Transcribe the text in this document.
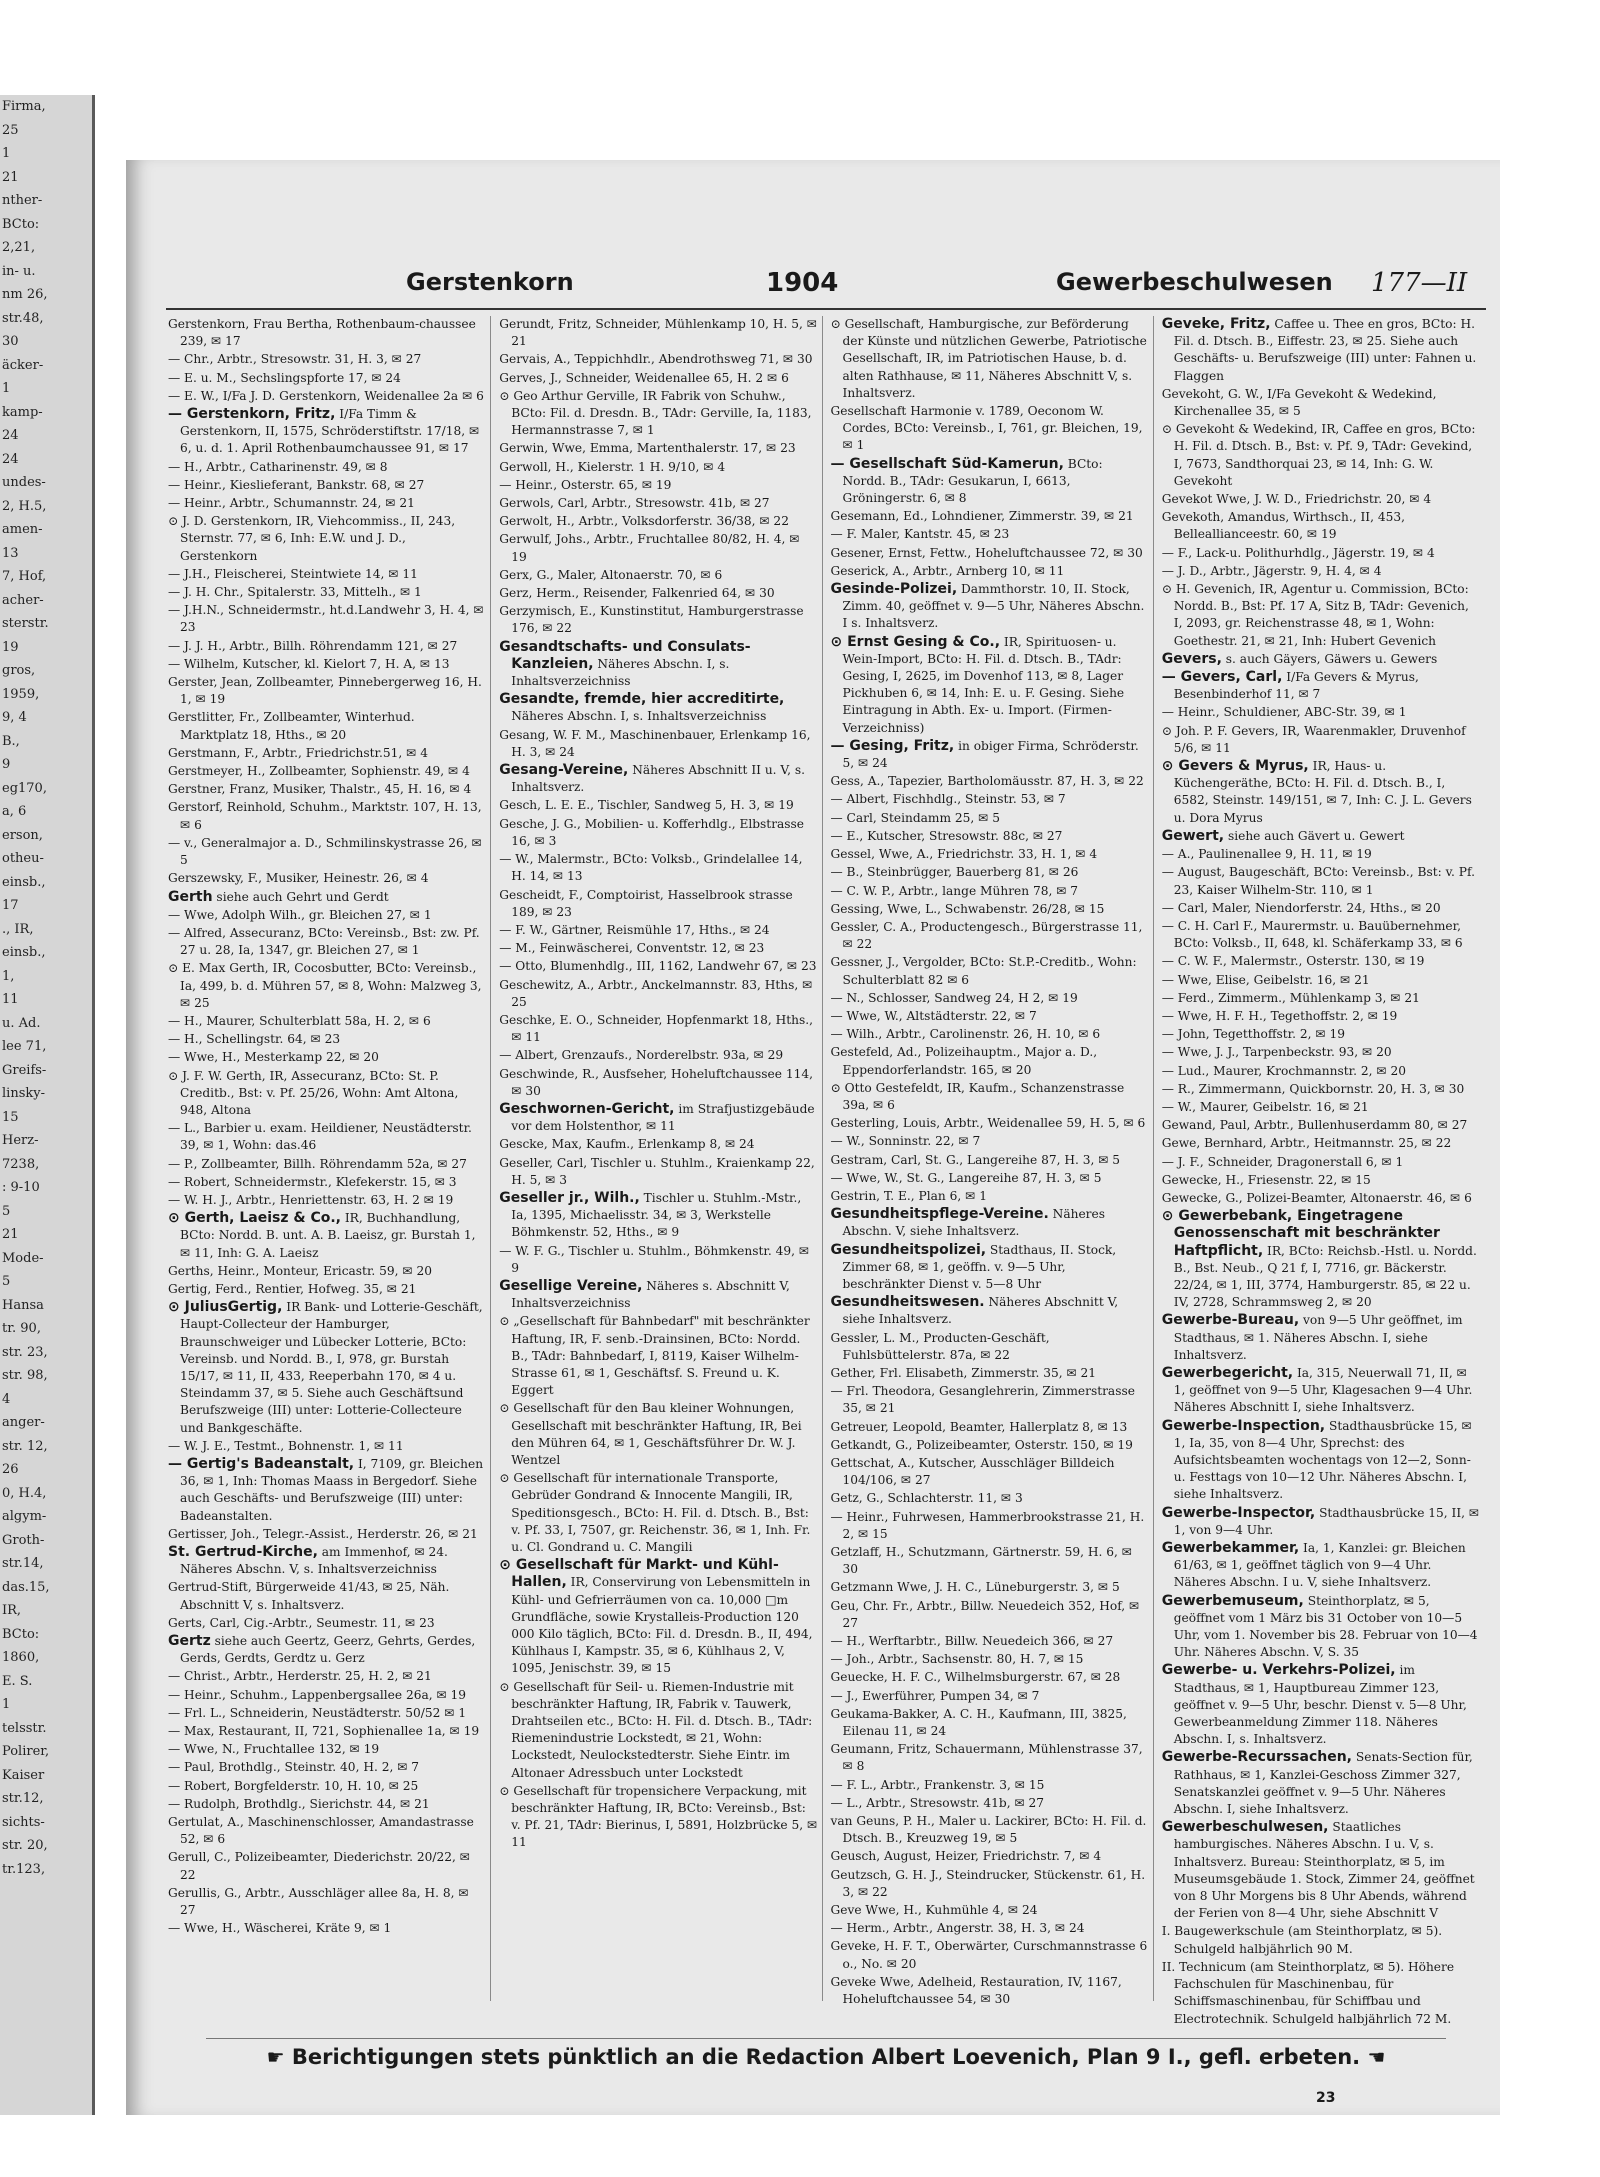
Firma,
25
1
21
nther-
BCto:
2,21,
in- u.
nm 26,
str.48,
30
äcker-
1
kamp-
24
24
undes-
2, H.5,
amen-
13
7, Hof,
acher-
sterstr.
19
gros,
1959,
9, 4
B.,
9
eg170,
a, 6
erson,
otheu-
einsb.,
17
., IR,
einsb.,
1,
11
u. Ad.
lee 71,
Greifs-
linsky-
15
Herz-
7238,
: 9-10
5
21
Mode-
5
Hansa
tr. 90,
str. 23,
str. 98,
4
anger-
str. 12,
26
0, H.4,
algym-
Groth-
str.14,
das.15,
IR,
BCto:
1860,
E. S.
1
telsstr.
Polirer,
Kaiser
str.12,
sichts-
str. 20,
tr.123,
Gerstenkorn	1904	Gewerbeschulwesen 177—II
Gerstenkorn, Frau Bertha, Rothenbaum-chaussee 239, ✉ 17
— Chr., Arbtr., Stresowstr. 31, H. 3, ✉ 27
— E. u. M., Sechslingspforte 17, ✉ 24
— E. W., I/Fa J. D. Gerstenkorn, Weidenallee 2a ✉ 6
— Gerstenkorn, Fritz, I/Fa Timm & Gerstenkorn, II, 1575, Schröderstiftstr. 17/18, ✉ 6, u. d. 1. April Rothenbaumchaussee 91, ✉ 17
— H., Arbtr., Catharinenstr. 49, ✉ 8
— Heinr., Kieslieferant, Bankstr. 68, ✉ 27
— Heinr., Arbtr., Schumannstr. 24, ✉ 21
⊙ J. D. Gerstenkorn, IR, Viehcommiss., II, 243, Sternstr. 77, ✉ 6, Inh: E.W. und J. D., Gerstenkorn
— J.H., Fleischerei, Steintwiete 14, ✉ 11
— J. H. Chr., Spitalerstr. 33, Mittelh., ✉ 1
— J.H.N., Schneidermstr., ht.d.Landwehr 3, H. 4, ✉ 23
— J. J. H., Arbtr., Billh. Röhrendamm 121, ✉ 27
— Wilhelm, Kutscher, kl. Kielort 7, H. A, ✉ 13
Gerster, Jean, Zollbeamter, Pinnebergerweg 16, H. 1, ✉ 19
Gerstlitter, Fr., Zollbeamter, Winterhud. Marktplatz 18, Hths., ✉ 20
Gerstmann, F., Arbtr., Friedrichstr.51, ✉ 4
Gerstmeyer, H., Zollbeamter, Sophienstr. 49, ✉ 4
Gerstner, Franz, Musiker, Thalstr., 45, H. 16, ✉ 4
Gerstorf, Reinhold, Schuhm., Marktstr. 107, H. 13, ✉ 6
— v., Generalmajor a. D., Schmilinskystrasse 26, ✉ 5
Gerszewsky, F., Musiker, Heinestr. 26, ✉ 4
Gerth siehe auch Gehrt und Gerdt
— Wwe, Adolph Wilh., gr. Bleichen 27, ✉ 1
— Alfred, Assecuranz, BCto: Vereinsb., Bst: zw. Pf. 27 u. 28, Ia, 1347, gr. Bleichen 27, ✉ 1
⊙ E. Max Gerth, IR, Cocosbutter, BCto: Vereinsb., Ia, 499, b. d. Mühren 57, ✉ 8, Wohn: Malzweg 3, ✉ 25
— H., Maurer, Schulterblatt 58a, H. 2, ✉ 6
— H., Schellingstr. 64, ✉ 23
— Wwe, H., Mesterkamp 22, ✉ 20
⊙ J. F. W. Gerth, IR, Assecuranz, BCto: St. P. Creditb., Bst: v. Pf. 25/26, Wohn: Amt Altona, 948, Altona
— L., Barbier u. exam. Heildiener, Neustädterstr. 39, ✉ 1, Wohn: das.46
— P., Zollbeamter, Billh. Röhrendamm 52a, ✉ 27
— Robert, Schneidermstr., Klefekerstr. 15, ✉ 3
— W. H. J., Arbtr., Henriettenstr. 63, H. 2 ✉ 19
⊙ Gerth, Laeisz & Co., IR, Buchhandlung, BCto: Nordd. B. unt. A. B. Laeisz, gr. Burstah 1, ✉ 11, Inh: G. A. Laeisz
Gerths, Heinr., Monteur, Ericastr. 59, ✉ 20
Gertig, Ferd., Rentier, Hofweg. 35, ✉ 21
⊙ JuliusGertig, IR Bank- und Lotterie-Geschäft, Haupt-Collecteur der Hamburger, Braunschweiger und Lübecker Lotterie, BCto: Vereinsb. und Nordd. B., I, 978, gr. Burstah 15/17, ✉ 11, II, 433, Reeperbahn 170, ✉ 4 u. Steindamm 37, ✉ 5. Siehe auch Geschäftsund Berufszweige (III) unter: Lotterie-Collecteure und Bankgeschäfte.
— W. J. E., Testmt., Bohnenstr. 1, ✉ 11
— Gertig's Badeanstalt, I, 7109, gr. Bleichen 36, ✉ 1, Inh: Thomas Maass in Bergedorf. Siehe auch Geschäfts- und Berufszweige (III) unter: Badeanstalten.
Gertisser, Joh., Telegr.-Assist., Herderstr. 26, ✉ 21
St. Gertrud-Kirche, am Immenhof, ✉ 24. Näheres Abschn. V, s. Inhaltsverzeichniss
Gertrud-Stift, Bürgerweide 41/43, ✉ 25, Näh. Abschnitt V, s. Inhaltsverz.
Gerts, Carl, Cig.-Arbtr., Seumestr. 11, ✉ 23
Gertz siehe auch Geertz, Geerz, Gehrts, Gerdes, Gerds, Gerdts, Gerdtz u. Gerz
— Christ., Arbtr., Herderstr. 25, H. 2, ✉ 21
— Heinr., Schuhm., Lappenbergsallee 26a, ✉ 19
— Frl. L., Schneiderin, Neustädterstr. 50/52 ✉ 1
— Max, Restaurant, II, 721, Sophienallee 1a, ✉ 19
— Wwe, N., Fruchtallee 132, ✉ 19
— Paul, Brothdlg., Steinstr. 40, H. 2, ✉ 7
— Robert, Borgfelderstr. 10, H. 10, ✉ 25
— Rudolph, Brothdlg., Sierichstr. 44, ✉ 21
Gertulat, A., Maschinenschlosser, Amandastrasse 52, ✉ 6
Gerull, C., Polizeibeamter, Diederichstr. 20/22, ✉ 22
Gerullis, G., Arbtr., Ausschläger allee 8a, H. 8, ✉ 27
— Wwe, H., Wäscherei, Kräte 9, ✉ 1
Gerundt, Fritz, Schneider, Mühlenkamp 10, H. 5, ✉ 21
Gervais, A., Teppichhdlr., Abendrothsweg 71, ✉ 30
Gerves, J., Schneider, Weidenallee 65, H. 2 ✉ 6
⊙ Geo Arthur Gerville, IR Fabrik von Schuhw., BCto: Fil. d. Dresdn. B., TAdr: Gerville, Ia, 1183, Hermannstrasse 7, ✉ 1
Gerwin, Wwe, Emma, Martenthalerstr. 17, ✉ 23
Gerwoll, H., Kielerstr. 1 H. 9/10, ✉ 4
— Heinr., Osterstr. 65, ✉ 19
Gerwols, Carl, Arbtr., Stresowstr. 41b, ✉ 27
Gerwolt, H., Arbtr., Volksdorferstr. 36/38, ✉ 22
Gerwulf, Johs., Arbtr., Fruchtallee 80/82, H. 4, ✉ 19
Gerx, G., Maler, Altonaerstr. 70, ✉ 6
Gerz, Herm., Reisender, Falkenried 64, ✉ 30
Gerzymisch, E., Kunstinstitut, Hamburgerstrasse 176, ✉ 22
Gesandtschafts- und Consulats-Kanzleien, Näheres Abschn. I, s. Inhaltsverzeichniss
Gesandte, fremde, hier accreditirte, Näheres Abschn. I, s. Inhaltsverzeichniss
Gesang, W. F. M., Maschinenbauer, Erlenkamp 16, H. 3, ✉ 24
Gesang-Vereine, Näheres Abschnitt II u. V, s. Inhaltsverz.
Gesch, L. E. E., Tischler, Sandweg 5, H. 3, ✉ 19
Gesche, J. G., Mobilien- u. Kofferhdlg., Elbstrasse 16, ✉ 3
— W., Malermstr., BCto: Volksb., Grindelallee 14, H. 14, ✉ 13
Gescheidt, F., Comptoirist, Hasselbrook strasse 189, ✉ 23
— F. W., Gärtner, Reismühle 17, Hths., ✉ 24
— M., Feinwäscherei, Conventstr. 12, ✉ 23
— Otto, Blumenhdlg., III, 1162, Landwehr 67, ✉ 23
Geschewitz, A., Arbtr., Anckelmannstr. 83, Hths, ✉ 25
Geschke, E. O., Schneider, Hopfenmarkt 18, Hths., ✉ 11
— Albert, Grenzaufs., Norderelbstr. 93a, ✉ 29
Geschwinde, R., Ausfseher, Hoheluftchaussee 114, ✉ 30
Geschwornen-Gericht, im Strafjustizgebäude vor dem Holstenthor, ✉ 11
Gescke, Max, Kaufm., Erlenkamp 8, ✉ 24
Geseller, Carl, Tischler u. Stuhlm., Kraienkamp 22, H. 5, ✉ 3
Geseller jr., Wilh., Tischler u. Stuhlm.-Mstr., Ia, 1395, Michaelisstr. 34, ✉ 3, Werkstelle Böhmkenstr. 52, Hths., ✉ 9
— W. F. G., Tischler u. Stuhlm., Böhmkenstr. 49, ✉ 9
Gesellige Vereine, Näheres s. Abschnitt V, Inhaltsverzeichniss
⊙ „Gesellschaft für Bahnbedarf" mit beschränkter Haftung, IR, F. senb.-Drainsinen, BCto: Nordd. B., TAdr: Bahnbedarf, I, 8119, Kaiser Wilhelm-Strasse 61, ✉ 1, Geschäftsf. S. Freund u. K. Eggert
⊙ Gesellschaft für den Bau kleiner Wohnungen, Gesellschaft mit beschränkter Haftung, IR, Bei den Mühren 64, ✉ 1, Geschäftsführer Dr. W. J. Wentzel
⊙ Gesellschaft für internationale Transporte, Gebrüder Gondrand & Innocente Mangili, IR, Speditionsgesch., BCto: H. Fil. d. Dtsch. B., Bst: v. Pf. 33, I, 7507, gr. Reichenstr. 36, ✉ 1, Inh. Fr. u. Cl. Gondrand u. C. Mangili
⊙ Gesellschaft für Markt- und Kühl-Hallen, IR, Conservirung von Lebensmitteln in Kühl- und Gefrierräumen von ca. 10,000 □m Grundfläche, sowie Krystalleis-Production 120 000 Kilo täglich, BCto: Fil. d. Dresdn. B., II, 494, Kühlhaus I, Kampstr. 35, ✉ 6, Kühlhaus 2, V, 1095, Jenischstr. 39, ✉ 15
⊙ Gesellschaft für Seil- u. Riemen-Industrie mit beschränkter Haftung, IR, Fabrik v. Tauwerk, Drahtseilen etc., BCto: H. Fil. d. Dtsch. B., TAdr: Riemenindustrie Lockstedt, ✉ 21, Wohn: Lockstedt, Neulockstedterstr. Siehe Eintr. im Altonaer Adressbuch unter Lockstedt
⊙ Gesellschaft für tropensichere Verpackung, mit beschränkter Haftung, IR, BCto: Vereinsb., Bst: v. Pf. 21, TAdr: Bierinus, I, 5891, Holzbrücke 5, ✉ 11
⊙ Gesellschaft, Hamburgische, zur Beförderung der Künste und nützlichen Gewerbe, Patriotische Gesellschaft, IR, im Patriotischen Hause, b. d. alten Rathhause, ✉ 11, Näheres Abschnitt V, s. Inhaltsverz.
Gesellschaft Harmonie v. 1789, Oeconom W. Cordes, BCto: Vereinsb., I, 761, gr. Bleichen, 19, ✉ 1
— Gesellschaft Süd-Kamerun, BCto: Nordd. B., TAdr: Gesukarun, I, 6613, Gröningerstr. 6, ✉ 8
Gesemann, Ed., Lohndiener, Zimmerstr. 39, ✉ 21
— F. Maler, Kantstr. 45, ✉ 23
Gesener, Ernst, Fettw., Hoheluftchaussee 72, ✉ 30
Geserick, A., Arbtr., Arnberg 10, ✉ 11
Gesinde-Polizei, Dammthorstr. 10, II. Stock, Zimm. 40, geöffnet v. 9—5 Uhr, Näheres Abschn. I s. Inhaltsverz.
⊙ Ernst Gesing & Co., IR, Spirituosen- u. Wein-Import, BCto: H. Fil. d. Dtsch. B., TAdr: Gesing, I, 2625, im Dovenhof 113, ✉ 8, Lager Pickhuben 6, ✉ 14, Inh: E. u. F. Gesing. Siehe Eintragung in Abth. Ex- u. Import. (Firmen-Verzeichniss)
— Gesing, Fritz, in obiger Firma, Schröderstr. 5, ✉ 24
Gess, A., Tapezier, Bartholomäusstr. 87, H. 3, ✉ 22
— Albert, Fischhdlg., Steinstr. 53, ✉ 7
— Carl, Steindamm 25, ✉ 5
— E., Kutscher, Stresowstr. 88c, ✉ 27
Gessel, Wwe, A., Friedrichstr. 33, H. 1, ✉ 4
— B., Steinbrügger, Bauerberg 81, ✉ 26
— C. W. P., Arbtr., lange Mühren 78, ✉ 7
Gessing, Wwe, L., Schwabenstr. 26/28, ✉ 15
Gessler, C. A., Productengesch., Bürgerstrasse 11, ✉ 22
Gessner, J., Vergolder, BCto: St.P.-Creditb., Wohn: Schulterblatt 82 ✉ 6
— N., Schlosser, Sandweg 24, H 2, ✉ 19
— Wwe, W., Altstädterstr. 22, ✉ 7
— Wilh., Arbtr., Carolinenstr. 26, H. 10, ✉ 6
Gestefeld, Ad., Polizeihauptm., Major a. D., Eppendorferlandstr. 165, ✉ 20
⊙ Otto Gestefeldt, IR, Kaufm., Schanzenstrasse 39a, ✉ 6
Gesterling, Louis, Arbtr., Weidenallee 59, H. 5, ✉ 6
— W., Sonninstr. 22, ✉ 7
Gestram, Carl, St. G., Langereihe 87, H. 3, ✉ 5
— Wwe, W., St. G., Langereihe 87, H. 3, ✉ 5
Gestrin, T. E., Plan 6, ✉ 1
Gesundheitspflege-Vereine. Näheres Abschn. V, siehe Inhaltsverz.
Gesundheitspolizei, Stadthaus, II. Stock, Zimmer 68, ✉ 1, geöffn. v. 9—5 Uhr, beschränkter Dienst v. 5—8 Uhr
Gesundheitswesen. Näheres Abschnitt V, siehe Inhaltsverz.
Gessler, L. M., Producten-Geschäft, Fuhlsbüttelerstr. 87a, ✉ 22
Gether, Frl. Elisabeth, Zimmerstr. 35, ✉ 21
— Frl. Theodora, Gesanglehrerin, Zimmerstrasse 35, ✉ 21
Getreuer, Leopold, Beamter, Hallerplatz 8, ✉ 13
Getkandt, G., Polizeibeamter, Osterstr. 150, ✉ 19
Gettschat, A., Kutscher, Ausschläger Billdeich 104/106, ✉ 27
Getz, G., Schlachterstr. 11, ✉ 3
— Heinr., Fuhrwesen, Hammerbrookstrasse 21, H. 2, ✉ 15
Getzlaff, H., Schutzmann, Gärtnerstr. 59, H. 6, ✉ 30
Getzmann Wwe, J. H. C., Lüneburgerstr. 3, ✉ 5
Geu, Chr. Fr., Arbtr., Billw. Neuedeich 352, Hof, ✉ 27
— H., Werftarbtr., Billw. Neuedeich 366, ✉ 27
— Joh., Arbtr., Sachsenstr. 80, H. 7, ✉ 15
Geuecke, H. F. C., Wilhelmsburgerstr. 67, ✉ 28
— J., Ewerführer, Pumpen 34, ✉ 7
Geukama-Bakker, A. C. H., Kaufmann, III, 3825, Eilenau 11, ✉ 24
Geumann, Fritz, Schauermann, Mühlenstrasse 37, ✉ 8
— F. L., Arbtr., Frankenstr. 3, ✉ 15
— L., Arbtr., Stresowstr. 41b, ✉ 27
van Geuns, P. H., Maler u. Lackirer, BCto: H. Fil. d. Dtsch. B., Kreuzweg 19, ✉ 5
Geusch, August, Heizer, Friedrichstr. 7, ✉ 4
Geutzsch, G. H. J., Steindrucker, Stückenstr. 61, H. 3, ✉ 22
Geve Wwe, H., Kuhmühle 4, ✉ 24
— Herm., Arbtr., Angerstr. 38, H. 3, ✉ 24
Geveke, H. F. T., Oberwärter, Curschmannstrasse 6 o., No. ✉ 20
Geveke Wwe, Adelheid, Restauration, IV, 1167, Hoheluftchaussee 54, ✉ 30
Geveke, Fritz, Caffee u. Thee en gros, BCto: H. Fil. d. Dtsch. B., Eiffestr. 23, ✉ 25. Siehe auch Geschäfts- u. Berufszweige (III) unter: Fahnen u. Flaggen
Gevekoht, G. W., I/Fa Gevekoht & Wedekind, Kirchenallee 35, ✉ 5
⊙ Gevekoht & Wedekind, IR, Caffee en gros, BCto: H. Fil. d. Dtsch. B., Bst: v. Pf. 9, TAdr: Gevekind, I, 7673, Sandthorquai 23, ✉ 14, Inh: G. W. Gevekoht
Gevekot Wwe, J. W. D., Friedrichstr. 20, ✉ 4
Gevekoth, Amandus, Wirthsch., II, 453, Belleallianceestr. 60, ✉ 19
— F., Lack-u. Polithurhdlg., Jägerstr. 19, ✉ 4
— J. D., Arbtr., Jägerstr. 9, H. 4, ✉ 4
⊙ H. Gevenich, IR, Agentur u. Commission, BCto: Nordd. B., Bst: Pf. 17 A, Sitz B, TAdr: Gevenich, I, 2093, gr. Reichenstrasse 48, ✉ 1, Wohn: Goethestr. 21, ✉ 21, Inh: Hubert Gevenich
Gevers, s. auch Gäyers, Gäwers u. Gewers
— Gevers, Carl, I/Fa Gevers & Myrus, Besenbinderhof 11, ✉ 7
— Heinr., Schuldiener, ABC-Str. 39, ✉ 1
⊙ Joh. P. F. Gevers, IR, Waarenmakler, Druvenhof 5/6, ✉ 11
⊙ Gevers & Myrus, IR, Haus- u. Küchengeräthe, BCto: H. Fil. d. Dtsch. B., I, 6582, Steinstr. 149/151, ✉ 7, Inh: C. J. L. Gevers u. Dora Myrus
Gewert, siehe auch Gävert u. Gewert
— A., Paulinenallee 9, H. 11, ✉ 19
— August, Baugeschäft, BCto: Vereinsb., Bst: v. Pf. 23, Kaiser Wilhelm-Str. 110, ✉ 1
— Carl, Maler, Niendorferstr. 24, Hths., ✉ 20
— C. H. Carl F., Maurermstr. u. Bauübernehmer, BCto: Volksb., II, 648, kl. Schäferkamp 33, ✉ 6
— C. W. F., Malermstr., Osterstr. 130, ✉ 19
— Wwe, Elise, Geibelstr. 16, ✉ 21
— Ferd., Zimmerm., Mühlenkamp 3, ✉ 21
— Wwe, H. F. H., Tegethoffstr. 2, ✉ 19
— John, Tegetthoffstr. 2, ✉ 19
— Wwe, J. J., Tarpenbeckstr. 93, ✉ 20
— Lud., Maurer, Krochmannstr. 2, ✉ 20
— R., Zimmermann, Quickbornstr. 20, H. 3, ✉ 30
— W., Maurer, Geibelstr. 16, ✉ 21
Gewand, Paul, Arbtr., Bullenhuserdamm 80, ✉ 27
Gewe, Bernhard, Arbtr., Heitmannstr. 25, ✉ 22
— J. F., Schneider, Dragonerstall 6, ✉ 1
Gewecke, H., Friesenstr. 22, ✉ 15
Gewecke, G., Polizei-Beamter, Altonaerstr. 46, ✉ 6
⊙ Gewerbebank, Eingetragene Genossenschaft mit beschränkter Haftpflicht, IR, BCto: Reichsb.-Hstl. u. Nordd. B., Bst. Neub., Q 21 f, I, 7716, gr. Bäckerstr. 22/24, ✉ 1, III, 3774, Hamburgerstr. 85, ✉ 22 u. IV, 2728, Schrammsweg 2, ✉ 20
Gewerbe-Bureau, von 9—5 Uhr geöffnet, im Stadthaus, ✉ 1. Näheres Abschn. I, siehe Inhaltsverz.
Gewerbegericht, Ia, 315, Neuerwall 71, II, ✉ 1, geöffnet von 9—5 Uhr, Klagesachen 9—4 Uhr. Näheres Abschnitt I, siehe Inhaltsverz.
Gewerbe-Inspection, Stadthausbrücke 15, ✉ 1, Ia, 35, von 8—4 Uhr, Sprechst: des Aufsichtsbeamten wochentags von 12—2, Sonn- u. Festtags von 10—12 Uhr. Näheres Abschn. I, siehe Inhaltsverz.
Gewerbe-Inspector, Stadthausbrücke 15, II, ✉ 1, von 9—4 Uhr.
Gewerbekammer, Ia, 1, Kanzlei: gr. Bleichen 61/63, ✉ 1, geöffnet täglich von 9—4 Uhr. Näheres Abschn. I u. V, siehe Inhaltsverz.
Gewerbemuseum, Steinthorplatz, ✉ 5, geöffnet vom 1 März bis 31 October von 10—5 Uhr, vom 1. November bis 28. Februar von 10—4 Uhr. Näheres Abschn. V, S. 35
Gewerbe- u. Verkehrs-Polizei, im Stadthaus, ✉ 1, Hauptbureau Zimmer 123, geöffnet v. 9—5 Uhr, beschr. Dienst v. 5—8 Uhr, Gewerbeanmeldung Zimmer 118. Näheres Abschn. I, s. Inhaltsverz.
Gewerbe-Recurssachen, Senats-Section für, Rathhaus, ✉ 1, Kanzlei-Geschoss Zimmer 327, Senatskanzlei geöffnet v. 9—5 Uhr. Näheres Abschn. I, siehe Inhaltsverz.
Gewerbeschulwesen, Staatliches hamburgisches. Näheres Abschn. I u. V, s. Inhaltsverz. Bureau: Steinthorplatz, ✉ 5, im Museumsgebäude 1. Stock, Zimmer 24, geöffnet von 8 Uhr Morgens bis 8 Uhr Abends, während der Ferien von 8—4 Uhr, siehe Abschnitt V
I. Baugewerkschule (am Steinthorplatz, ✉ 5). Schulgeld halbjährlich 90 M.
II. Technicum (am Steinthorplatz, ✉ 5). Höhere Fachschulen für Maschinenbau, für Schiffsmaschinenbau, für Schiffbau und Electrotechnik. Schulgeld halbjährlich 72 M.
☛ Berichtigungen stets pünktlich an die Redaction Albert Loevenich, Plan 9 I., gefl. erbeten. ☚
23
